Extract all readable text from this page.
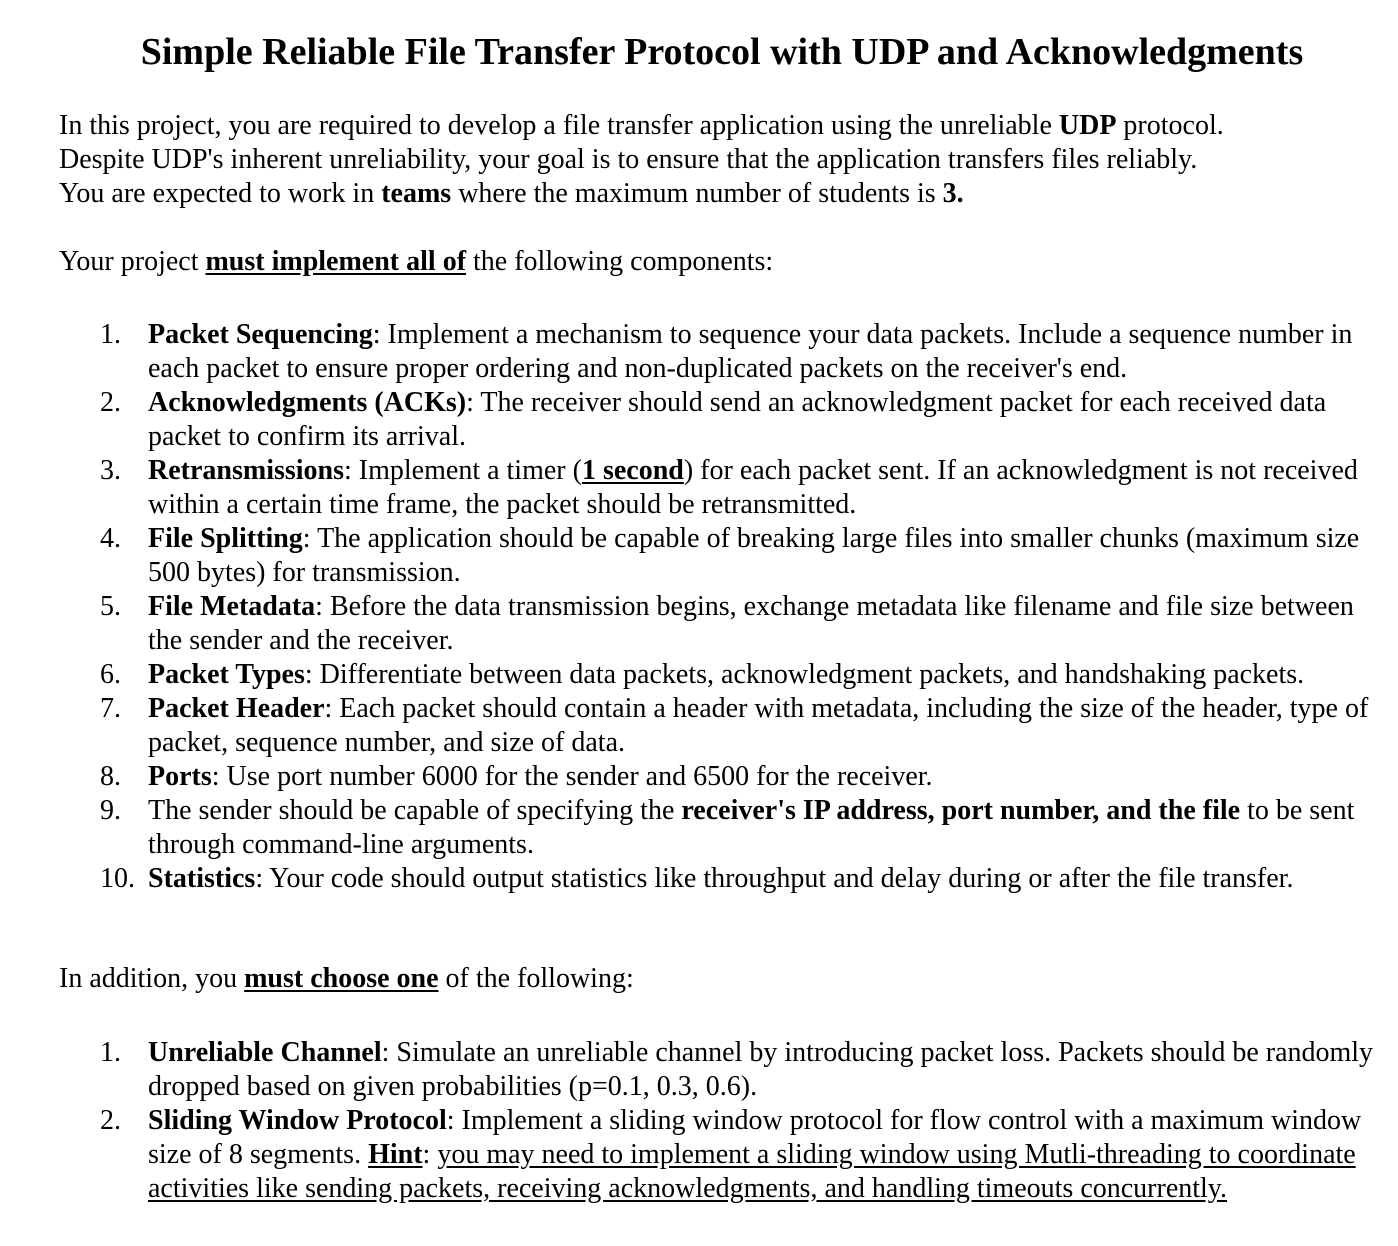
Simple Reliable File Transfer Protocol with UDP and Acknowledgments
In this project, you are required to develop a file transfer application using the unreliable UDP protocol.
Despite UDP's inherent unreliability, your goal is to ensure that the application transfers files reliably.
You are expected to work in teams where the maximum number of students is 3.

Your project must implement all of the following components:

1. Packet Sequencing: Implement a mechanism to sequence your data packets. Include a sequence number in each packet to ensure proper ordering and non-duplicated packets on the receiver's end.
2. Acknowledgments (ACKs): The receiver should send an acknowledgment packet for each received data packet to confirm its arrival.
3. Retransmissions: Implement a timer (1 second) for each packet sent. If an acknowledgment is not received within a certain time frame, the packet should be retransmitted.
4. File Splitting: The application should be capable of breaking large files into smaller chunks (maximum size 500 bytes) for transmission.
5. File Metadata: Before the data transmission begins, exchange metadata like filename and file size between the sender and the receiver.
6. Packet Types: Differentiate between data packets, acknowledgment packets, and handshaking packets.
7. Packet Header: Each packet should contain a header with metadata, including the size of the header, type of packet, sequence number, and size of data.
8. Ports: Use port number 6000 for the sender and 6500 for the receiver.
9. The sender should be capable of specifying the receiver's IP address, port number, and the file to be sent through command-line arguments.
10. Statistics: Your code should output statistics like throughput and delay during or after the file transfer.

In addition, you must choose one of the following:

1. Unreliable Channel: Simulate an unreliable channel by introducing packet loss. Packets should be randomly dropped based on given probabilities (p=0.1, 0.3, 0.6).
2. Sliding Window Protocol: Implement a sliding window protocol for flow control with a maximum window size of 8 segments. Hint: you may need to implement a sliding window using Mutli-threading to coordinate activities like sending packets, receiving acknowledgments, and handling timeouts concurrently.
